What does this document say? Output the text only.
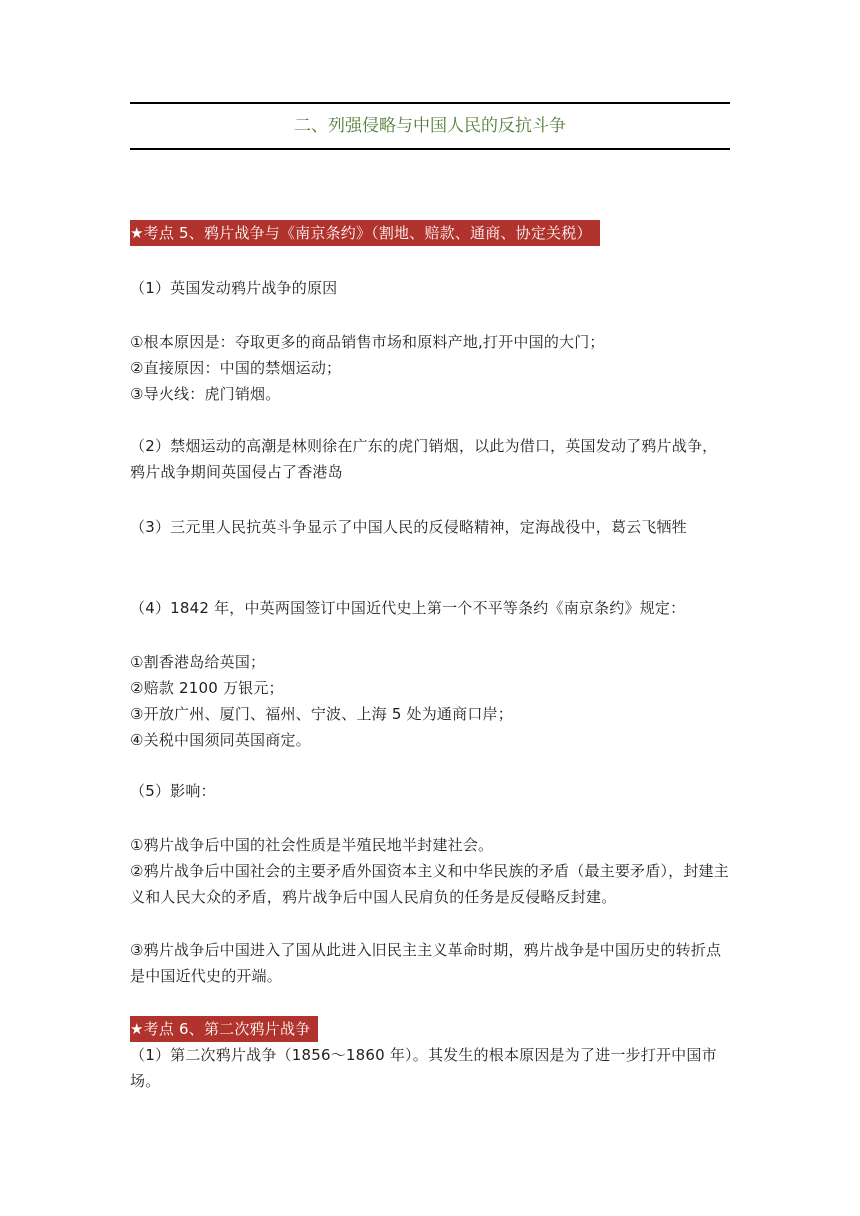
二、列强侵略与中国人民的反抗斗争
★考点 5、鸦片战争与《南京条约》（割地、赔款、通商、协定关税）
（1）英国发动鸦片战争的原因
①根本原因是：夺取更多的商品销售市场和原料产地,打开中国的大门；
②直接原因：中国的禁烟运动；
③导火线：虎门销烟。
（2）禁烟运动的高潮是林则徐在广东的虎门销烟，以此为借口，英国发动了鸦片战争，鸦片战争期间英国侵占了香港岛
（3）三元里人民抗英斗争显示了中国人民的反侵略精神，定海战役中，葛云飞牺牲
（4）1842 年，中英两国签订中国近代史上第一个不平等条约《南京条约》规定：
①割香港岛给英国；
②赔款 2100 万银元；
③开放广州、厦门、福州、宁波、上海 5 处为通商口岸；
④关税中国须同英国商定。
（5）影响：
①鸦片战争后中国的社会性质是半殖民地半封建社会。
②鸦片战争后中国社会的主要矛盾外国资本主义和中华民族的矛盾（最主要矛盾），封建主义和人民大众的矛盾，鸦片战争后中国人民肩负的任务是反侵略反封建。
③鸦片战争后中国进入了国从此进入旧民主主义革命时期，鸦片战争是中国历史的转折点是中国近代史的开端。
★考点 6、第二次鸦片战争
（1）第二次鸦片战争（1856～1860 年）。其发生的根本原因是为了进一步打开中国市场。
